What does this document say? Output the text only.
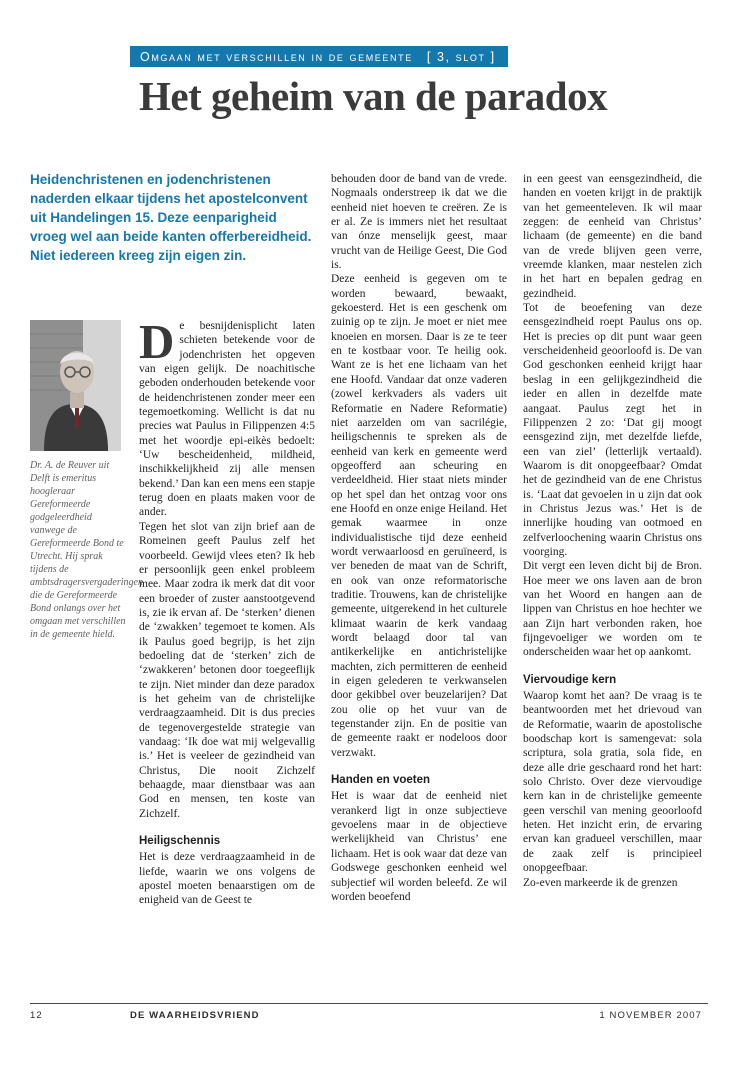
Omgaan met verschillen in de gemeente [ 3, slot ]
Het geheim van de paradox

Heidenchristenen en jodenchristenen naderden elkaar tijdens het apostelconvent uit Handelingen 15. Deze eenparigheid vroeg wel aan beide kanten offerbereidheid. Niet iedereen kreeg zijn eigen zin.

Dr. A. de Reuver uit Delft is emeritus hoogleraar Gereformeerde godgeleerdheid vanwege de Gereformeerde Bond te Utrecht. Hij sprak tijdens de ambtsdragersvergaderingen die de Gereformeerde Bond onlangs over het omgaan met verschillen in de gemeente hield.

De besnijdenisplicht laten schieten betekende voor de jodenchristen het opgeven van eigen gelijk. De noachitische geboden onderhouden betekende voor de heidenchristenen zonder meer een tegemoetkoming. Wellicht is dat nu precies wat Paulus in Filippenzen 4:5 met het woordje epi-eikès bedoelt: ‘Uw bescheidenheid, mildheid, inschikkelijkheid zij alle mensen bekend.’ Dan kan een mens een stapje terug doen en plaats maken voor de ander.

Tegen het slot van zijn brief aan de Romeinen geeft Paulus zelf het voorbeeld. Gewijd vlees eten? Ik heb er persoonlijk geen enkel probleem mee. Maar zodra ik merk dat dit voor een broeder of zuster aanstootgevend is, zie ik ervan af. De ‘sterken’ dienen de ‘zwakken’ tegemoet te komen. Als ik Paulus goed begrijp, is het zijn bedoeling dat de ‘sterken’ zich de ‘zwakkeren’ betonen door toegeeflijk te zijn. Niet minder dan deze paradox is het geheim van de christelijke verdraagzaamheid. Dit is dus precies de tegenovergestelde strategie van vandaag: ‘Ik doe wat mij welgevallig is.’ Het is veeleer de gezindheid van Christus, Die nooit Zichzelf behaagde, maar dienstbaar was aan God en mensen, ten koste van Zichzelf.

Heiligschennis

Het is deze verdraagzaamheid in de liefde, waarin we ons volgens de apostel moeten benaarstigen om de enigheid van de Geest te

behouden door de band van de vrede. Nogmaals onderstreep ik dat we die eenheid niet hoeven te creëren. Ze is er al. Ze is immers niet het resultaat van ónze menselijk geest, maar vrucht van de Heilige Geest, Die God is.

Deze eenheid is gegeven om te worden bewaard, bewaakt, gekoesterd. Het is een geschenk om zuinig op te zijn. Je moet er niet mee knoeien en morsen. Daar is ze te teer en te kostbaar voor. Te heilig ook. Want ze is het ene lichaam van het ene Hoofd. Vandaar dat onze vaderen (zowel kerkvaders als vaders uit Reformatie en Nadere Reformatie) niet aarzelden om van sacrilégie, heiligschennis te spreken als de eenheid van kerk en gemeente werd opgeofferd aan scheuring en verdeeldheid. Hier staat niets minder op het spel dan het ontzag voor ons ene Hoofd en onze enige Heiland. Het gemak waarmee in onze individualistische tijd deze eenheid wordt verwaarloosd en geruïneerd, is ver beneden de maat van de Schrift, en ook van onze reformatorische traditie. Trouwens, kan de christelijke gemeente, uitgerekend in het culturele klimaat waarin de kerk vandaag wordt belaagd door tal van antikerkelijke en antichristelijke machten, zich permitteren de eenheid in eigen gelederen te verkwanselen door gekibbel over beuzelarijen? Dat zou olie op het vuur van de tegenstander zijn. En de positie van de gemeente raakt er nodeloos door verzwakt.

Handen en voeten

Het is waar dat de eenheid niet verankerd ligt in onze subjectieve gevoelens maar in de objectieve werkelijkheid van Christus’ ene lichaam. Het is ook waar dat deze van Godswege geschonken eenheid wel subjectief wil worden beleefd. Ze wil worden beoefend

in een geest van eensgezindheid, die handen en voeten krijgt in de praktijk van het gemeenteleven. Ik wil maar zeggen: de eenheid van Christus’ lichaam (de gemeente) en die band van de vrede blijven geen verre, vreemde klanken, maar nestelen zich in het hart en bepalen gedrag en gezindheid.

Tot de beoefening van deze eensgezindheid roept Paulus ons op. Het is precies op dit punt waar geen verscheidenheid geoorloofd is. De van God geschonken eenheid krijgt haar beslag in een gelijkgezindheid die ieder en allen in dezelfde mate aangaat. Paulus zegt het in Filippenzen 2 zo: ‘Dat gij moogt eensgezind zijn, met dezelfde liefde, een van ziel’ (letterlijk vertaald). Waarom is dit onopgeefbaar? Omdat het de gezindheid van de ene Christus is. ‘Laat dat gevoelen in u zijn dat ook in Christus Jezus was.’ Het is de innerlijke houding van ootmoed en zelfverloochening waarin Christus ons voorging.

Dit vergt een leven dicht bij de Bron. Hoe meer we ons laven aan de bron van het Woord en hangen aan de lippen van Christus en hoe hechter we aan Zijn hart verbonden raken, hoe fijngevoeliger we worden om te onderscheiden waar het op aankomt.

Viervoudige kern

Waarop komt het aan? De vraag is te beantwoorden met het drievoud van de Reformatie, waarin de apostolische boodschap kort is samengevat: sola scriptura, sola gratia, sola fide, en deze alle drie geschaard rond het hart: solo Christo. Over deze viervoudige kern kan in de christelijke gemeente geen verschil van mening geoorloofd heten. Het inzicht erin, de ervaring ervan kan gradueel verschillen, maar de zaak zelf is principieel onopgeefbaar.

Zo-even markeerde ik de grenzen

12	DE WAARHEIDSVRIEND	1 NOVEMBER 2007
